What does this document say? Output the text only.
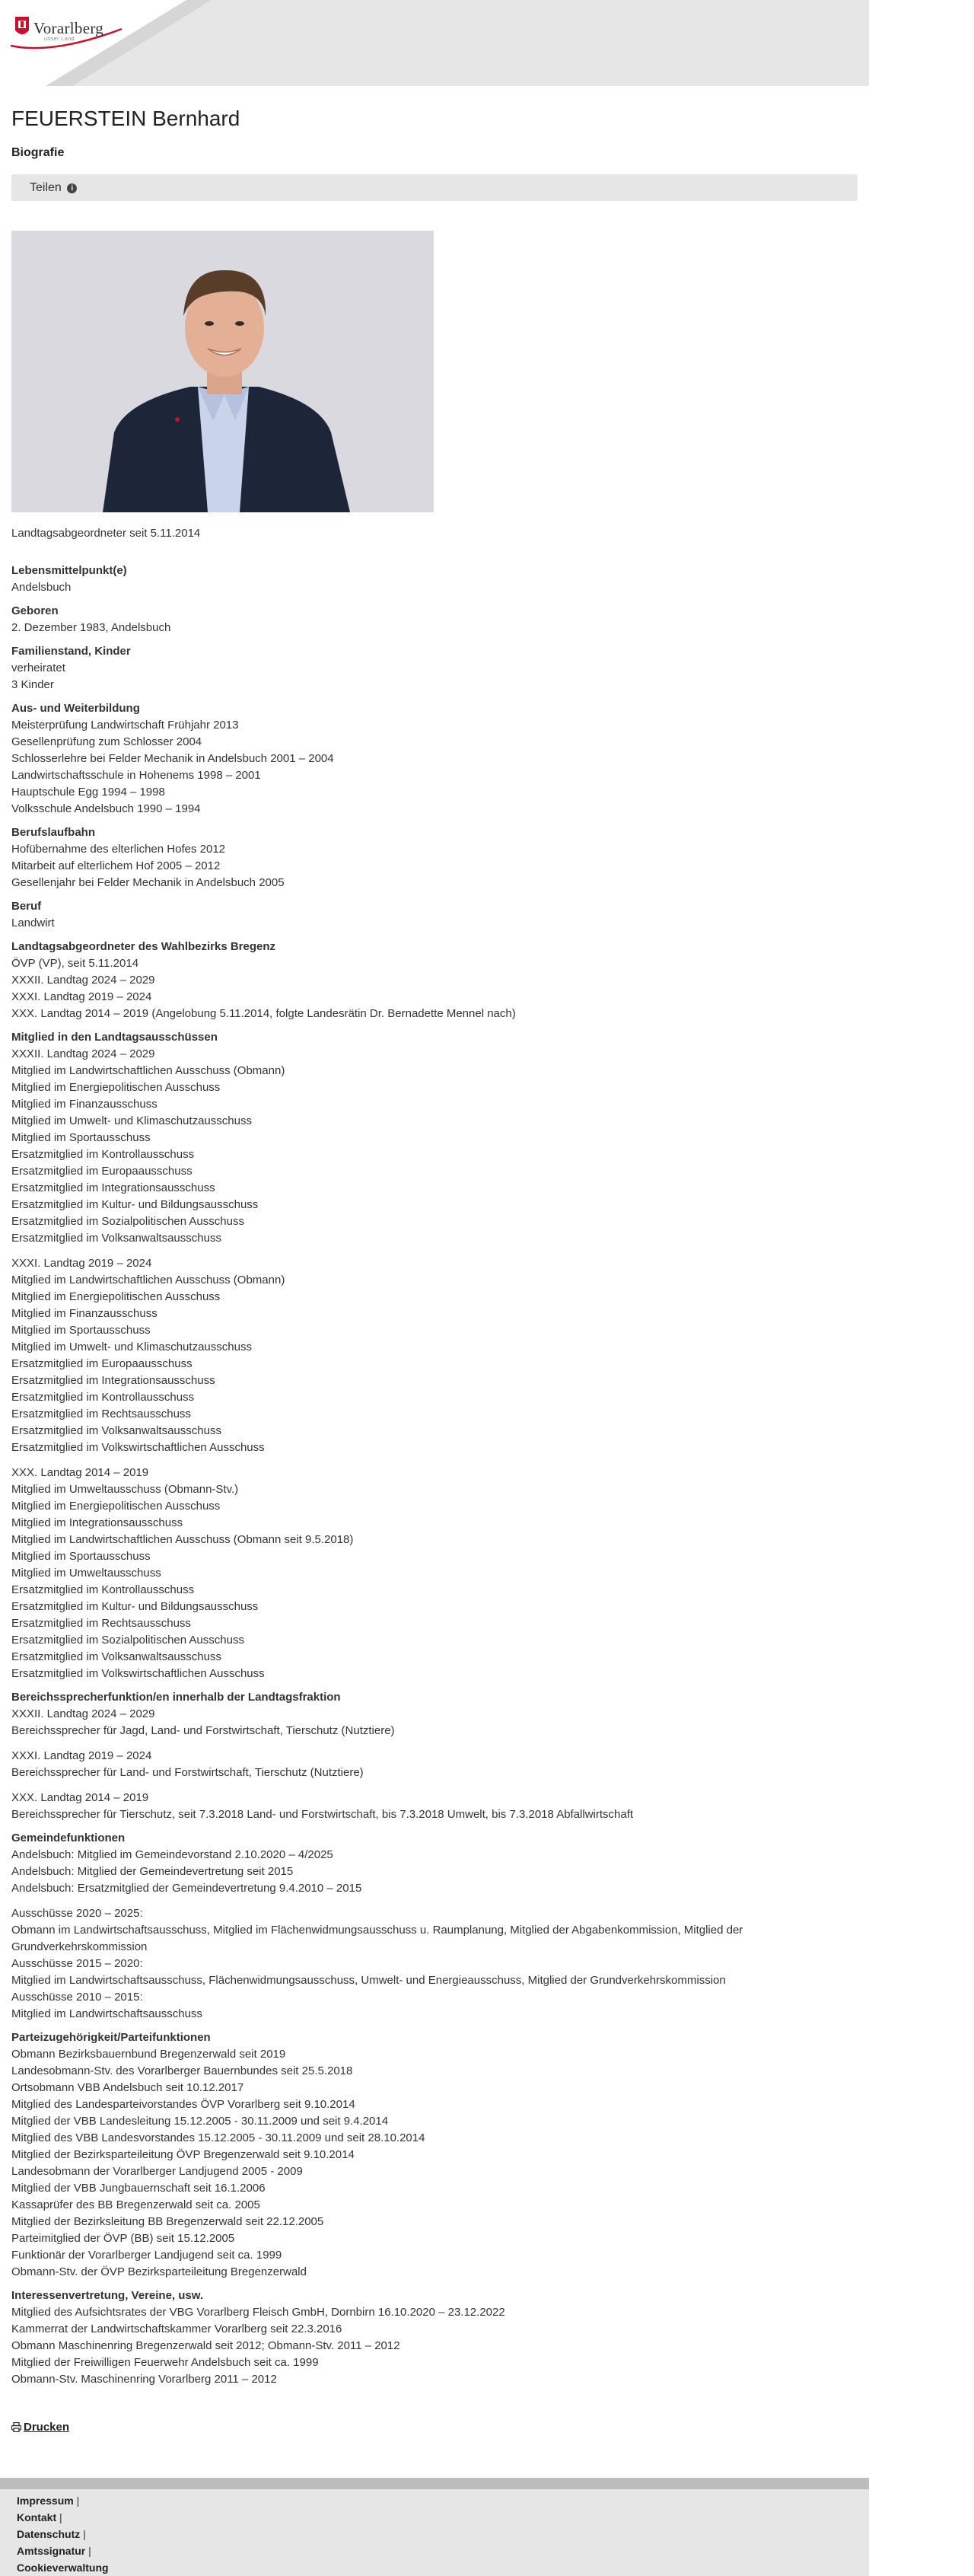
Vorarlberg
unser Land
FEUERSTEIN Bernhard
Biografie
Teilen i
Landtagsabgeordneter seit 5.11.2014
Lebensmittelpunkt(e)
Andelsbuch
Geboren
2. Dezember 1983, Andelsbuch
Familienstand, Kinder
verheiratet
3 Kinder
Aus- und Weiterbildung
Meisterprüfung Landwirtschaft Frühjahr 2013
Gesellenprüfung zum Schlosser 2004
Schlosserlehre bei Felder Mechanik in Andelsbuch 2001 – 2004
Landwirtschaftsschule in Hohenems 1998 – 2001
Hauptschule Egg 1994 – 1998
Volksschule Andelsbuch 1990 – 1994
Berufslaufbahn
Hofübernahme des elterlichen Hofes 2012
Mitarbeit auf elterlichem Hof 2005 – 2012
Gesellenjahr bei Felder Mechanik in Andelsbuch 2005
Beruf
Landwirt
Landtagsabgeordneter des Wahlbezirks Bregenz
ÖVP (VP), seit 5.11.2014
XXXII. Landtag 2024 – 2029
XXXI. Landtag 2019 – 2024
XXX. Landtag 2014 – 2019 (Angelobung 5.11.2014, folgte Landesrätin Dr. Bernadette Mennel nach)
Mitglied in den Landtagsausschüssen
XXXII. Landtag 2024 – 2029
Mitglied im Landwirtschaftlichen Ausschuss (Obmann)
Mitglied im Energiepolitischen Ausschuss
Mitglied im Finanzausschuss
Mitglied im Umwelt- und Klimaschutzausschuss
Mitglied im Sportausschuss
Ersatzmitglied im Kontrollausschuss
Ersatzmitglied im Europaausschuss
Ersatzmitglied im Integrationsausschuss
Ersatzmitglied im Kultur- und Bildungsausschuss
Ersatzmitglied im Sozialpolitischen Ausschuss
Ersatzmitglied im Volksanwaltsausschuss
XXXI. Landtag 2019 – 2024
Mitglied im Landwirtschaftlichen Ausschuss (Obmann)
Mitglied im Energiepolitischen Ausschuss
Mitglied im Finanzausschuss
Mitglied im Sportausschuss
Mitglied im Umwelt- und Klimaschutzausschuss
Ersatzmitglied im Europaausschuss
Ersatzmitglied im Integrationsausschuss
Ersatzmitglied im Kontrollausschuss
Ersatzmitglied im Rechtsausschuss
Ersatzmitglied im Volksanwaltsausschuss
Ersatzmitglied im Volkswirtschaftlichen Ausschuss
XXX. Landtag 2014 – 2019
Mitglied im Umweltausschuss (Obmann-Stv.)
Mitglied im Energiepolitischen Ausschuss
Mitglied im Integrationsausschuss
Mitglied im Landwirtschaftlichen Ausschuss (Obmann seit 9.5.2018)
Mitglied im Sportausschuss
Mitglied im Umweltausschuss
Ersatzmitglied im Kontrollausschuss
Ersatzmitglied im Kultur- und Bildungsausschuss
Ersatzmitglied im Rechtsausschuss
Ersatzmitglied im Sozialpolitischen Ausschuss
Ersatzmitglied im Volksanwaltsausschuss
Ersatzmitglied im Volkswirtschaftlichen Ausschuss
Bereichssprecherfunktion/en innerhalb der Landtagsfraktion
XXXII. Landtag 2024 – 2029
Bereichssprecher für Jagd, Land- und Forstwirtschaft, Tierschutz (Nutztiere)
XXXI. Landtag 2019 – 2024
Bereichssprecher für Land- und Forstwirtschaft, Tierschutz (Nutztiere)
XXX. Landtag 2014 – 2019
Bereichssprecher für Tierschutz, seit 7.3.2018 Land- und Forstwirtschaft, bis 7.3.2018 Umwelt, bis 7.3.2018 Abfallwirtschaft
Gemeindefunktionen
Andelsbuch: Mitglied im Gemeindevorstand 2.10.2020 – 4/2025
Andelsbuch: Mitglied der Gemeindevertretung seit 2015
Andelsbuch: Ersatzmitglied der Gemeindevertretung 9.4.2010 – 2015
Ausschüsse 2020 – 2025:
Obmann im Landwirtschaftsausschuss, Mitglied im Flächenwidmungsausschuss u. Raumplanung, Mitglied der Abgabenkommission, Mitglied der Grundverkehrskommission
Ausschüsse 2015 – 2020:
Mitglied im Landwirtschaftsausschuss, Flächenwidmungsausschuss, Umwelt- und Energieausschuss, Mitglied der Grundverkehrskommission
Ausschüsse 2010 – 2015:
Mitglied im Landwirtschaftsausschuss
Parteizugehörigkeit/Parteifunktionen
Obmann Bezirksbauernbund Bregenzerwald seit 2019
Landesobmann-Stv. des Vorarlberger Bauernbundes seit 25.5.2018
Ortsobmann VBB Andelsbuch seit 10.12.2017
Mitglied des Landesparteivorstandes ÖVP Vorarlberg seit 9.10.2014
Mitglied der VBB Landesleitung 15.12.2005 - 30.11.2009 und seit 9.4.2014
Mitglied des VBB Landesvorstandes 15.12.2005 - 30.11.2009 und seit 28.10.2014
Mitglied der Bezirksparteileitung ÖVP Bregenzerwald seit 9.10.2014
Landesobmann der Vorarlberger Landjugend 2005 - 2009
Mitglied der VBB Jungbauernschaft seit 16.1.2006
Kassaprüfer des BB Bregenzerwald seit ca. 2005
Mitglied der Bezirksleitung BB Bregenzerwald seit 22.12.2005
Parteimitglied der ÖVP (BB) seit 15.12.2005
Funktionär der Vorarlberger Landjugend seit ca. 1999
Obmann-Stv. der ÖVP Bezirksparteileitung Bregenzerwald
Interessenvertretung, Vereine, usw.
Mitglied des Aufsichtsrates der VBG Vorarlberg Fleisch GmbH, Dornbirn 16.10.2020 – 23.12.2022
Kammerrat der Landwirtschaftskammer Vorarlberg seit 22.3.2016
Obmann Maschinenring Bregenzerwald seit 2012; Obmann-Stv. 2011 – 2012
Mitglied der Freiwilligen Feuerwehr Andelsbuch seit ca. 1999
Obmann-Stv. Maschinenring Vorarlberg 2011 – 2012
Drucken
Impressum |
Kontakt |
Datenschutz |
Amtssignatur |
Cookieverwaltung
